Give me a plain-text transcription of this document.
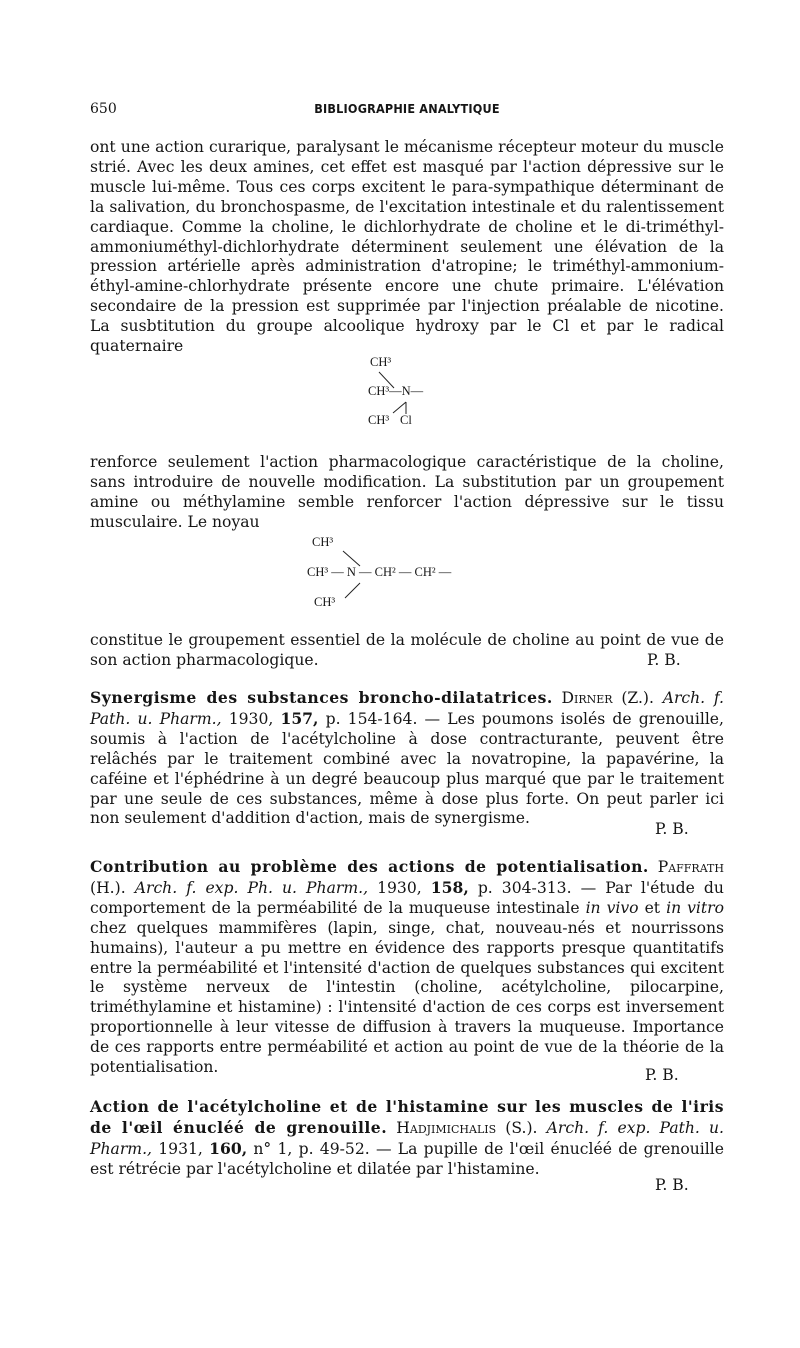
650	BIBLIOGRAPHIE ANALYTIQUE

ont une action curarique, paralysant le mécanisme récepteur moteur du muscle strié. Avec les deux amines, cet effet est masqué par l'action dépressive sur le muscle lui-même. Tous ces corps excitent le para-sympathique déterminant de la salivation, du bronchospasme, de l'excitation intestinale et du ralentissement cardiaque. Comme la choline, le dichlorhydrate de choline et le di-triméthyl-ammoniuméthyl-dichlorhydrate déterminent seulement une élévation de la pression artérielle après administration d'atropine; le triméthyl-ammonium-éthyl-amine-chlorhydrate présente encore une chute primaire. L'élévation secondaire de la pression est supprimée par l'injection préalable de nicotine. La susbtitution du groupe alcoolique hydroxy par le Cl et par le radical quaternaire

CH³
CH³—N—
CH³ Cl

renforce seulement l'action pharmacologique caractéristique de la choline, sans introduire de nouvelle modification. La substitution par un groupement amine ou méthylamine semble renforcer l'action dépressive sur le tissu musculaire. Le noyau

CH³
CH³ — N — CH² — CH² —
CH³

constitue le groupement essentiel de la molécule de choline au point de vue de son action pharmacologique.	P. B.

Synergisme des substances broncho-dilatatrices. Dirner (Z.). Arch. f. Path. u. Pharm., 1930, 157, p. 154-164. — Les poumons isolés de grenouille, soumis à l'action de l'acétylcholine à dose contracturante, peuvent être relâchés par le traitement combiné avec la novatropine, la papavérine, la caféine et l'éphédrine à un degré beaucoup plus marqué que par le traitement par une seule de ces substances, même à dose plus forte. On peut parler ici non seulement d'addition d'action, mais de synergisme.

P. B.

Contribution au problème des actions de potentialisation. Paffrath (H.). Arch. f. exp. Ph. u. Pharm., 1930, 158, p. 304-313. — Par l'étude du comportement de la perméabilité de la muqueuse intestinale in vivo et in vitro chez quelques mammifères (lapin, singe, chat, nouveau-nés et nourrissons humains), l'auteur a pu mettre en évidence des rapports presque quantitatifs entre la perméabilité et l'intensité d'action de quelques substances qui excitent le système nerveux de l'intestin (choline, acétylcholine, pilocarpine, triméthylamine et histamine) : l'intensité d'action de ces corps est inversement proportionnelle à leur vitesse de diffusion à travers la muqueuse. Importance de ces rapports entre perméabilité et action au point de vue de la théorie de la potentialisation.	P. B.

Action de l'acétylcholine et de l'histamine sur les muscles de l'iris de l'œil énucléé de grenouille. Hadjimichalis (S.). Arch. f. exp. Path. u. Pharm., 1931, 160, n° 1, p. 49-52. — La pupille de l'œil énucléé de grenouille est rétrécie par l'acétylcholine et dilatée par l'histamine.

P. B.
